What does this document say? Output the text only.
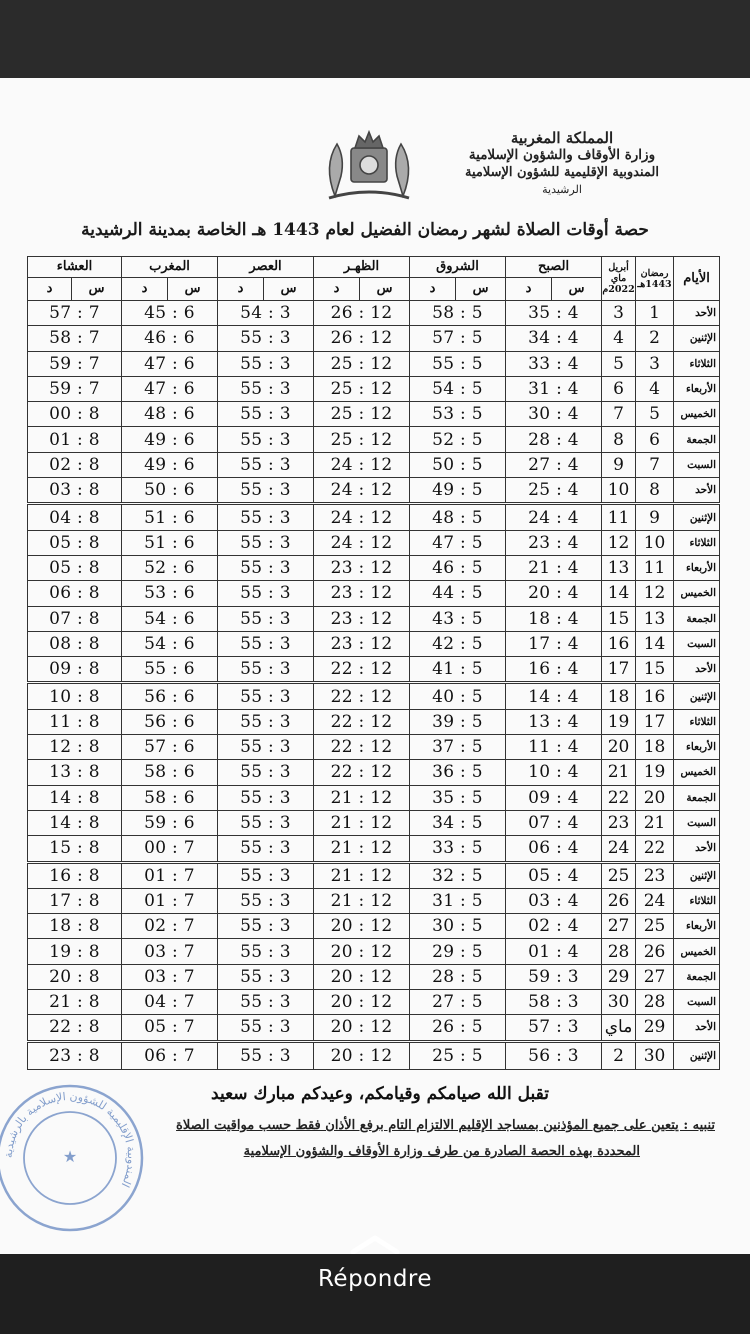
المملكة المغربية
وزارة الأوقاف والشؤون الإسلامية
المندوبية الإقليمية للشؤون الإسلامية
الرشيدية
حصة أوقات الصلاة لشهر رمضان الفضيل لعام 1443 هـ الخاصة بمدينة الرشيدية
الأيام	رمضان 1443هـ	أبريل ماي 2022م	الصبح		الشروق		الظهـر		العصر		المغرب		العشاء	
			س	د	س	د	س	د	س	د	س	د	س	د
الأحد	1	3	35 : 4		58 : 5		26 : 12		54 : 3		45 : 6		57 : 7	
الإثنين	2	4	34 : 4		57 : 5		26 : 12		55 : 3		46 : 6		58 : 7	
الثلاثاء	3	5	33 : 4		55 : 5		25 : 12		55 : 3		47 : 6		59 : 7	
الأربعاء	4	6	31 : 4		54 : 5		25 : 12		55 : 3		47 : 6		59 : 7	
الخميس	5	7	30 : 4		53 : 5		25 : 12		55 : 3		48 : 6		00 : 8	
الجمعة	6	8	28 : 4		52 : 5		25 : 12		55 : 3		49 : 6		01 : 8	
السبت	7	9	27 : 4		50 : 5		24 : 12		55 : 3		49 : 6		02 : 8	
الأحد	8	10	25 : 4		49 : 5		24 : 12		55 : 3		50 : 6		03 : 8	
الإثنين	9	11	24 : 4		48 : 5		24 : 12		55 : 3		51 : 6		04 : 8	
الثلاثاء	10	12	23 : 4		47 : 5		24 : 12		55 : 3		51 : 6		05 : 8	
الأربعاء	11	13	21 : 4		46 : 5		23 : 12		55 : 3		52 : 6		05 : 8	
الخميس	12	14	20 : 4		44 : 5		23 : 12		55 : 3		53 : 6		06 : 8	
الجمعة	13	15	18 : 4		43 : 5		23 : 12		55 : 3		54 : 6		07 : 8	
السبت	14	16	17 : 4		42 : 5		23 : 12		55 : 3		54 : 6		08 : 8	
الأحد	15	17	16 : 4		41 : 5		22 : 12		55 : 3		55 : 6		09 : 8	
الإثنين	16	18	14 : 4		40 : 5		22 : 12		55 : 3		56 : 6		10 : 8	
الثلاثاء	17	19	13 : 4		39 : 5		22 : 12		55 : 3		56 : 6		11 : 8	
الأربعاء	18	20	11 : 4		37 : 5		22 : 12		55 : 3		57 : 6		12 : 8	
الخميس	19	21	10 : 4		36 : 5		22 : 12		55 : 3		58 : 6		13 : 8	
الجمعة	20	22	09 : 4		35 : 5		21 : 12		55 : 3		58 : 6		14 : 8	
السبت	21	23	07 : 4		34 : 5		21 : 12		55 : 3		59 : 6		14 : 8	
الأحد	22	24	06 : 4		33 : 5		21 : 12		55 : 3		00 : 7		15 : 8	
الإثنين	23	25	05 : 4		32 : 5		21 : 12		55 : 3		01 : 7		16 : 8	
الثلاثاء	24	26	03 : 4		31 : 5		21 : 12		55 : 3		01 : 7		17 : 8	
الأربعاء	25	27	02 : 4		30 : 5		20 : 12		55 : 3		02 : 7		18 : 8	
الخميس	26	28	01 : 4		29 : 5		20 : 12		55 : 3		03 : 7		19 : 8	
الجمعة	27	29	59 : 3		28 : 5		20 : 12		55 : 3		03 : 7		20 : 8	
السبت	28	30	58 : 3		27 : 5		20 : 12		55 : 3		04 : 7		21 : 8	
الأحد	29	ماي	57 : 3		26 : 5		20 : 12		55 : 3		05 : 7		22 : 8	
الإثنين	30	2	56 : 3		25 : 5		20 : 12		55 : 3		06 : 7		23 : 8	
تقبل الله صيامكم وقيامكم، وعيدكم مبارك سعيد
تنبيه : يتعين على جميع المؤذنين بمساجد الإقليم الالتزام التام برفع الأذان فقط حسب مواقيت الصلاة
المحددة بهذه الحصة الصادرة من طرف وزارة الأوقاف والشؤون الإسلامية
المندوبية الإقليمية للشؤون الإسلامية بالرشيدية
★
Répondre
